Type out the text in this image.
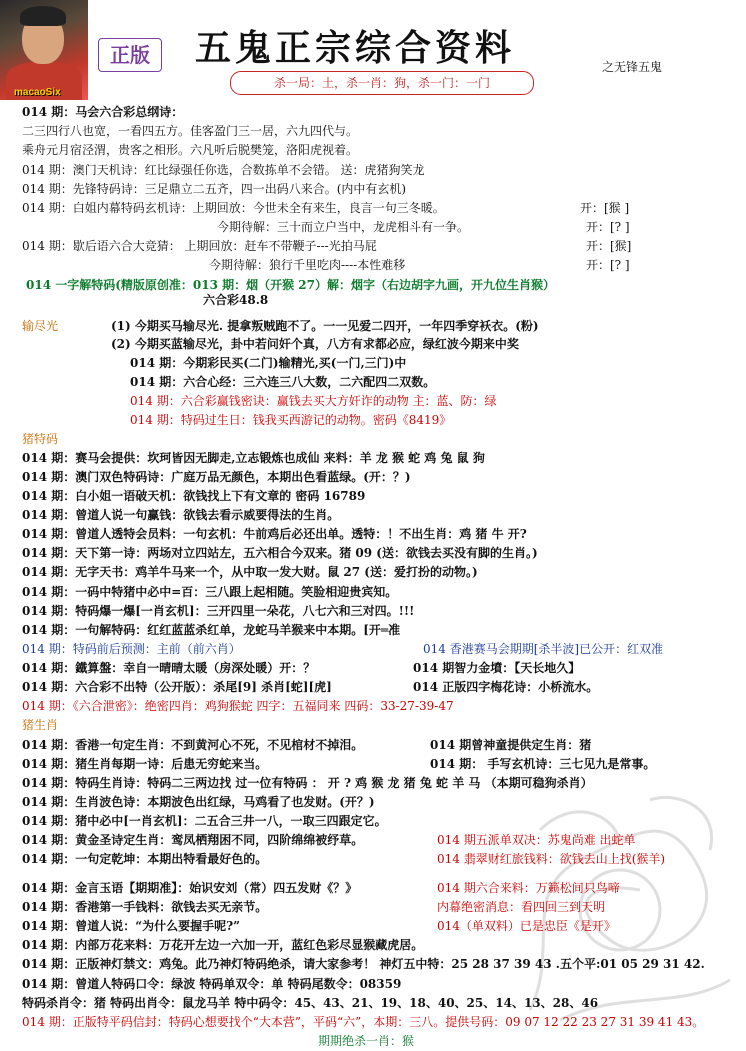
macaoSix
正版	五鬼正宗综合资料	之无锋五鬼
杀一局：土，杀一肖：狗，杀一门：一门
014 期：马会六合彩总纲诗：
二三四行八也宽，一看四五方。佳客盈门三一居，六九四代与。
乘舟元月宿泾渭，贵客之相形。六凡听后脱樊笼，洛阳虎视着。
014 期：澳门天机诗：红比绿强任你选，合数拣单不会错。 送：虎猪狗笑龙
014 期：先锋特码诗：三足鼎立二五齐，四一出码八来合。(内中有玄机)
014 期：白姐内幕特码玄机诗：上期回放：今世未全有来生，良言一句三冬暖。	开：[猴 ]
今期待解：三十而立户当中，龙虎相斗有一争。	开：[? ]
014 期：歇后语六合大竞猜： 上期回放：赶车不带鞭子---光拍马屁	开：[猴]
今期待解：狼行千里吃肉----本性难移	开：[? ]
014 一字解特码(精版原创准：013 期：烟（开猴 27）解：烟字（右边胡字九画，开九位生肖猴）
六合彩48.8
输尽光	(1) 今期买马输尽光. 提拿叛贼跑不了。一一见爱二四开，一年四季穿袄衣。(粉)
(2) 今期买蓝输尽光，卦中若问奸个真，八方有求都必应，绿红波今期来中奖
014 期：今期彩民买(二门)输精光,买(一门,三门)中
014 期：六合心经：三六连三八大数，二六配四二双数。
014 期：六合彩赢钱密诀：赢钱去买大方奸诈的动物 主：蓝、防：绿
014 期：特码过生日：钱我买西游记的动物。密码《8419》
猪特码
014 期：赛马会提供：坎珂皆因无脚走,立志锻炼也成仙 来料：羊 龙 猴 蛇 鸡 兔 鼠 狗
014 期：澳门双色特码诗：广庭万品无颜色，本期出色看蓝绿。(开：？)
014 期：白小姐一语破天机：欲钱找上下有文章的 密码 16789
014 期：曾道人说一句赢钱：欲钱去看示威要得法的生肖。
014 期：曾道人透特会员料：一句玄机：牛前鸡后必还出单。透特：！不出生肖：鸡 猪 牛 开?
014 期：天下第一诗：两场对立四站左，五六相合今双来。猪 09 (送：欲钱去买没有脚的生肖。)
014 期：无字天书：鸡羊牛马来一个，从中取一发大财。鼠 27 (送：爱打扮的动物。)
014 期：一码中特猪中必中=百：三八跟上起相随。笑脸相迎贵宾知。
014 期：特码爆一爆[一肖玄机]：三开四里一朵花，八七六和三对四。!!!
014 期：一句解特码：红红蓝蓝杀红单，龙蛇马羊猴来中本期。[开═准
014 期：特码前后预测：主前（前六肖）	014 香港赛马会期期[杀半波]已公开：红双准
014 期：鐵算盤：幸自一晴晴太暖（房深处暖）开：？	014 期智力金墳：【天长地久】
014 期：六合彩不出特（公开版）：杀尾[9] 杀肖[蛇][虎]	014 正版四字梅花诗：小桥流水。
014 期：《六合泄密》：绝密四肖：鸡狗猴蛇 四字：五福同来 四码：33-27-39-47
猪生肖
014 期：香港一句定生肖：不到黄河心不死，不见棺材不掉泪。	014 期曾神童提供定生肖：猪
014 期：猪生肖每期一诗：后患无穷蛇来当。	014 期： 手写玄机诗：三七见九是常事。
014 期：特码生肖诗：特码二三两边找 过一位有特码 ： 开 ? 鸡 猴 龙 猪 兔 蛇 羊 马 （本期可稳狗杀肖）
014 期：生肖波色诗：本期波色出红绿，马鸡看了也发财。(开？)
014 期：猪中必中[一肖玄机]：二五合三井一八，一取三四跟定它。
014 期：黄金圣诗定生肖：鸾凤栖翔困不同，四阶绵绵被纾草。	014 期五派单双决：苏鬼尚难 出蛇单
014 期：一句定乾坤：本期出特看最好色的。	014 翡翠财红旅钱料：欲钱去山上找(猴羊)
014 期：金言玉语【期期准】：始识安刘（常）四五发财《？》	014 期六合来料：万籁松间只鸟啼
014 期：香港第一手钱料：欲钱去买无亲节。	内幕绝密消息：看四回三到天明
014 期：曾道人说：“为什么要握手呢?”	014（单双料）已是忠臣《是开》
014 期：内部万花来料：万花开左边一六加一开，蓝红色彩尽显猴藏虎居。
014 期：正版神灯禁文：鸡兔。此乃神灯特码绝杀，请大家参考！ 神灯五中特：25 28 37 39 43 .五个平:01 05 29 31 42.
014 期：曾道人特码口令：绿波 特码单双令：单 特码尾数令：08359
特码杀肖令：猪 特码出肖令：鼠龙马羊 特中码令：45、43、21、19、18、40、25、14、13、28、46
014 期：正版特平码信封：特码心想要找个“大本营”，平码“六”，本期：三八。提供号码：09 07 12 22 23 27 31 39 41 43。
期期绝杀一肖：猴
